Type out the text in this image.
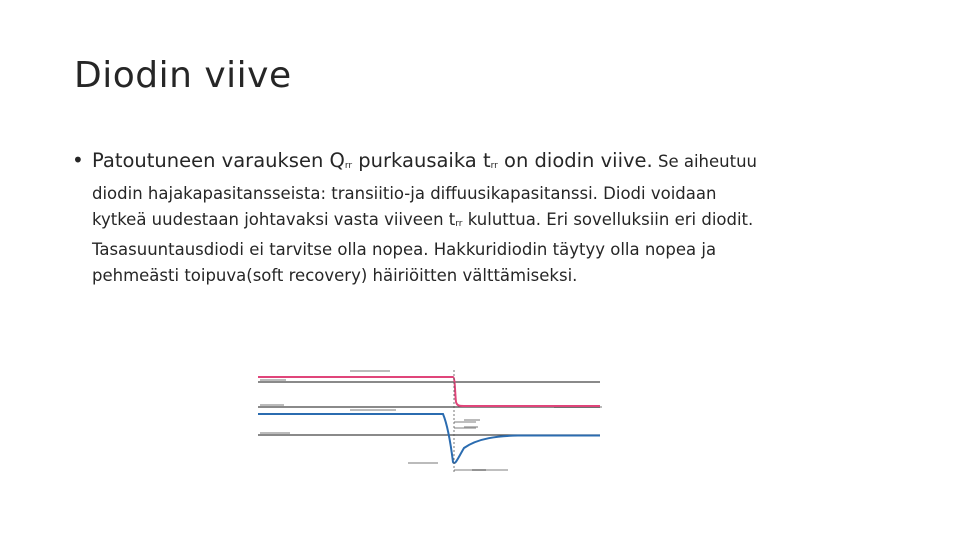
Diodin viive
• Patoutuneen varauksen Qrr purkausaika trr on diodin viive. Se aiheutuu
diodin hajakapasitansseista: transiitio-ja diffuusikapasitanssi. Diodi voidaan
kytkeä uudestaan johtavaksi vasta viiveen trr kuluttua. Eri sovelluksiin eri diodit.
Tasasuuntausdiodi ei tarvitse olla nopea. Hakkuridiodin täytyy olla nopea ja
pehmeästi toipuva(soft recovery) häiriöitten välttämiseksi.
